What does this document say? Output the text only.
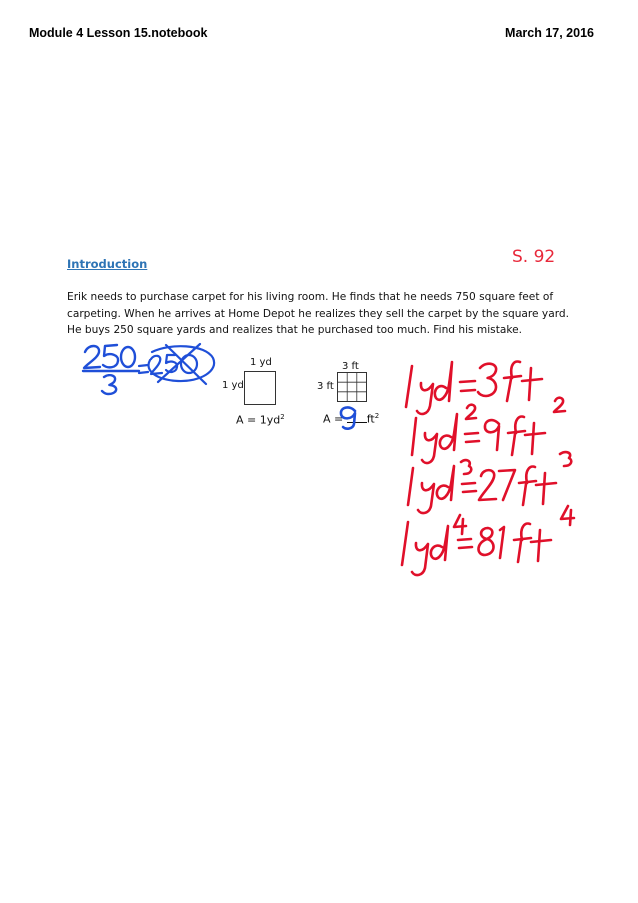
Module 4 Lesson 15.notebook	March 17, 2016
S. 92
Introduction
Erik needs to purchase carpet for his living room. He finds that he needs 750 square feet of carpeting. When he arrives at Home Depot he realizes they sell the carpet by the square yard. He buys 250 square yards and realizes that he purchased too much. Find his mistake.
1 yd
1 yd
$A = 1yd^2$
3 ft
3 ft
$A = ft^2$
